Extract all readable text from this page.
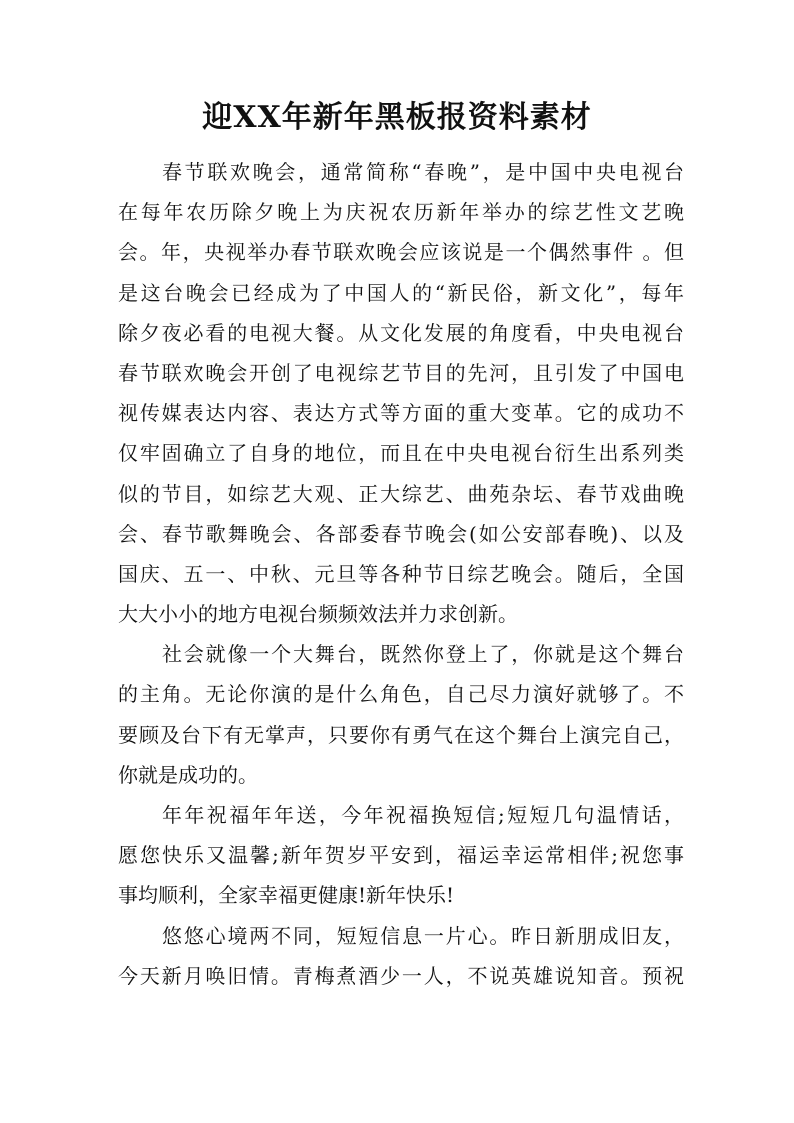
迎XX年新年黑板报资料素材
春节联欢晚会，通常简称“春晚”，是中国中央电视台
在每年农历除夕晚上为庆祝农历新年举办的综艺性文艺晚
会。年，央视举办春节联欢晚会应该说是一个偶然事件 。但
是这台晚会已经成为了中国人的“新民俗，新文化”，每年
除夕夜必看的电视大餐。从文化发展的角度看，中央电视台
春节联欢晚会开创了电视综艺节目的先河，且引发了中国电
视传媒表达内容、表达方式等方面的重大变革。它的成功不
仅牢固确立了自身的地位，而且在中央电视台衍生出系列类
似的节目，如综艺大观、正大综艺、曲苑杂坛、春节戏曲晚
会、春节歌舞晚会、各部委春节晚会(如公安部春晚)、以及
国庆、五一、中秋、元旦等各种节日综艺晚会。随后，全国
大大小小的地方电视台频频效法并力求创新。
社会就像一个大舞台，既然你登上了，你就是这个舞台
的主角。无论你演的是什么角色，自己尽力演好就够了。不
要顾及台下有无掌声，只要你有勇气在这个舞台上演完自己，
你就是成功的。
年年祝福年年送，今年祝福换短信;短短几句温情话，
愿您快乐又温馨;新年贺岁平安到，福运幸运常相伴;祝您事
事均顺利，全家幸福更健康!新年快乐!
悠悠心境两不同，短短信息一片心。昨日新朋成旧友，
今天新月唤旧情。青梅煮酒少一人，不说英雄说知音。预祝
